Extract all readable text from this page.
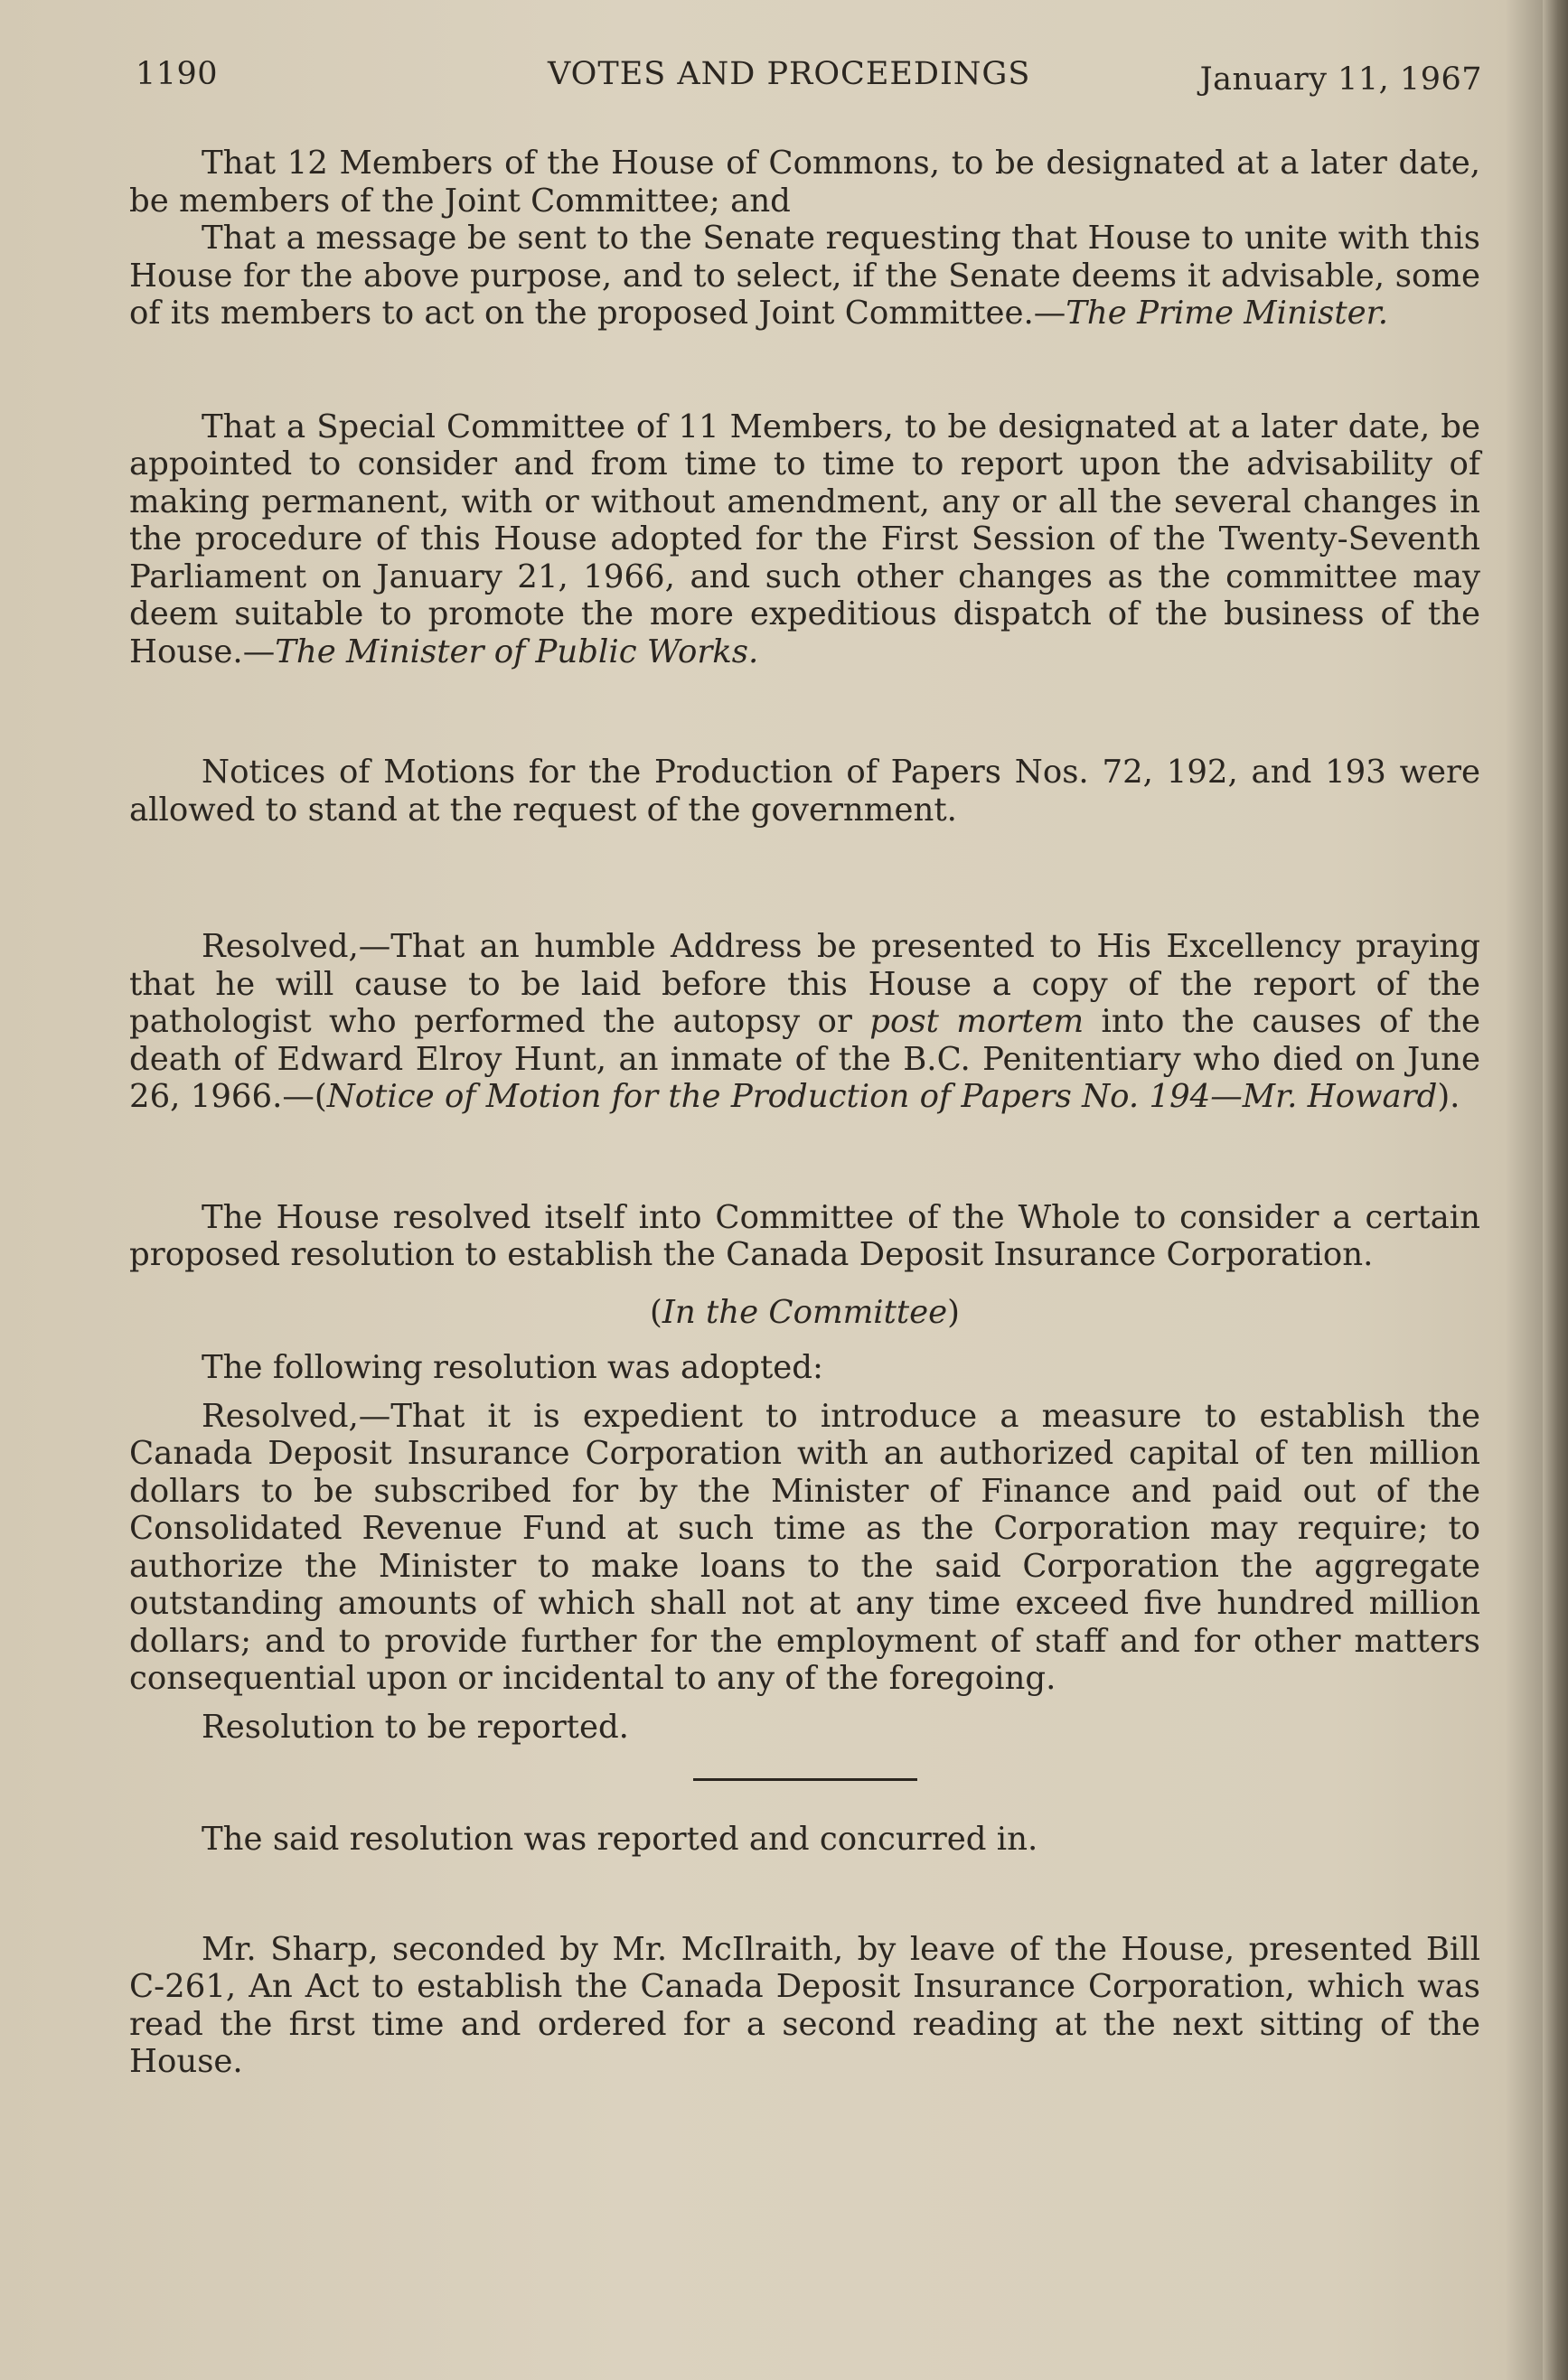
1190	VOTES AND PROCEEDINGS	January 11, 1967

That 12 Members of the House of Commons, to be designated at a later date, be members of the Joint Committee; and

That a message be sent to the Senate requesting that House to unite with this House for the above purpose, and to select, if the Senate deems it advisable, some of its members to act on the proposed Joint Committee.—The Prime Minister.

That a Special Committee of 11 Members, to be designated at a later date, be appointed to consider and from time to time to report upon the advisability of making permanent, with or without amendment, any or all the several changes in the procedure of this House adopted for the First Session of the Twenty-Seventh Parliament on January 21, 1966, and such other changes as the committee may deem suitable to promote the more expeditious dispatch of the business of the House.—The Minister of Public Works.

Notices of Motions for the Production of Papers Nos. 72, 192, and 193 were allowed to stand at the request of the government.

Resolved,—That an humble Address be presented to His Excellency praying that he will cause to be laid before this House a copy of the report of the pathologist who performed the autopsy or post mortem into the causes of the death of Edward Elroy Hunt, an inmate of the B.C. Penitentiary who died on June 26, 1966.—(Notice of Motion for the Production of Papers No. 194—Mr. Howard).

The House resolved itself into Committee of the Whole to consider a certain proposed resolution to establish the Canada Deposit Insurance Corporation.

(In the Committee)

The following resolution was adopted:

Resolved,—That it is expedient to introduce a measure to establish the Canada Deposit Insurance Corporation with an authorized capital of ten million dollars to be subscribed for by the Minister of Finance and paid out of the Consolidated Revenue Fund at such time as the Corporation may require; to authorize the Minister to make loans to the said Corporation the aggregate outstanding amounts of which shall not at any time exceed five hundred million dollars; and to provide further for the employment of staff and for other matters consequential upon or incidental to any of the foregoing.

Resolution to be reported.

The said resolution was reported and concurred in.

Mr. Sharp, seconded by Mr. McIlraith, by leave of the House, presented Bill C-261, An Act to establish the Canada Deposit Insurance Corporation, which was read the first time and ordered for a second reading at the next sitting of the House.
